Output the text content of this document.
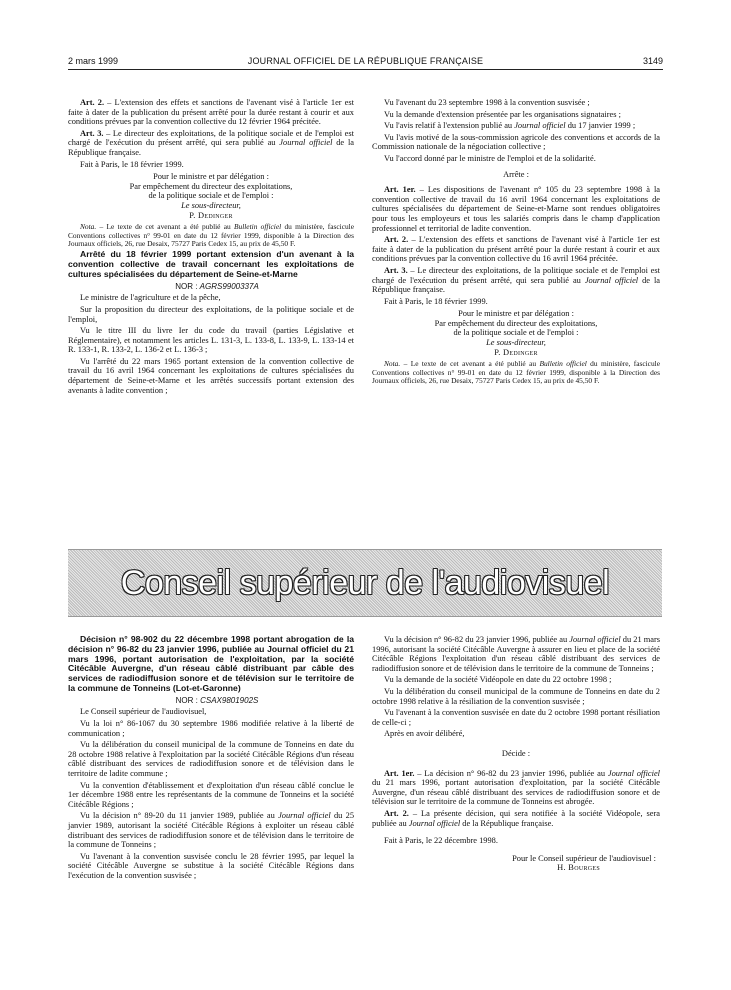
2 mars 1999	JOURNAL OFFICIEL DE LA RÉPUBLIQUE FRANÇAISE	3149

Art. 2. – L'extension des effets et sanctions de l'avenant visé à l'article 1er est faite à dater de la publication du présent arrêté pour la durée restant à courir et aux conditions prévues par la convention collective du 12 février 1964 précitée.

Art. 3. – Le directeur des exploitations, de la politique sociale et de l'emploi est chargé de l'exécution du présent arrêté, qui sera publié au Journal officiel de la République française.

Fait à Paris, le 18 février 1999.

Pour le ministre et par délégation :
Par empêchement du directeur des exploitations,
de la politique sociale et de l'emploi :
Le sous-directeur,
P. Dedinger

Nota. – Le texte de cet avenant a été publié au Bulletin officiel du ministère, fascicule Conventions collectives n° 99-01 en date du 12 février 1999, disponible à la Direction des Journaux officiels, 26, rue Desaix, 75727 Paris Cedex 15, au prix de 45,50 F.

Arrêté du 18 février 1999 portant extension d'un avenant à la convention collective de travail concernant les exploitations de cultures spécialisées du département de Seine-et-Marne

NOR : AGRS9900337A

Le ministre de l'agriculture et de la pêche,

Sur la proposition du directeur des exploitations, de la politique sociale et de l'emploi,

Vu le titre III du livre Ier du code du travail (parties Législative et Réglementaire), et notamment les articles L. 131-3, L. 133-8, L. 133-9, L. 133-14 et R. 133-1, R. 133-2, L. 136-2 et L. 136-3 ;

Vu l'arrêté du 22 mars 1965 portant extension de la convention collective de travail du 16 avril 1964 concernant les exploitations de cultures spécialisées du département de Seine-et-Marne et les arrêtés successifs portant extension des avenants à ladite convention ;

Vu l'avenant du 23 septembre 1998 à la convention susvisée ;

Vu la demande d'extension présentée par les organisations signataires ;

Vu l'avis relatif à l'extension publié au Journal officiel du 17 janvier 1999 ;

Vu l'avis motivé de la sous-commission agricole des conventions et accords de la Commission nationale de la négociation collective ;

Vu l'accord donné par le ministre de l'emploi et de la solidarité.

Arrête :

Art. 1er. – Les dispositions de l'avenant n° 105 du 23 septembre 1998 à la convention collective de travail du 16 avril 1964 concernant les exploitations de cultures spécialisées du département de Seine-et-Marne sont rendues obligatoires pour tous les employeurs et tous les salariés compris dans le champ d'application professionnel et territorial de ladite convention.

Art. 2. – L'extension des effets et sanctions de l'avenant visé à l'article 1er est faite à dater de la publication du présent arrêté pour la durée restant à courir et aux conditions prévues par la convention collective du 16 avril 1964 précitée.

Art. 3. – Le directeur des exploitations, de la politique sociale et de l'emploi est chargé de l'exécution du présent arrêté, qui sera publié au Journal officiel de la République française.

Fait à Paris, le 18 février 1999.

Pour le ministre et par délégation :
Par empêchement du directeur des exploitations,
de la politique sociale et de l'emploi :
Le sous-directeur,
P. Dedinger

Nota. – Le texte de cet avenant a été publié au Bulletin officiel du ministère, fascicule Conventions collectives n° 99-01 en date du 12 février 1999, disponible à la Direction des Journaux officiels, 26, rue Desaix, 75727 Paris Cedex 15, au prix de 45,50 F.

Conseil supérieur de l'audiovisuel

Décision n° 98-902 du 22 décembre 1998 portant abrogation de la décision n° 96-82 du 23 janvier 1996, publiée au Journal officiel du 21 mars 1996, portant autorisation de l'exploitation, par la société Citécâble Auvergne, d'un réseau câblé distribuant par câble des services de radiodiffusion sonore et de télévision sur le territoire de la commune de Tonneins (Lot-et-Garonne)

NOR : CSAX9801902S

Le Conseil supérieur de l'audiovisuel,

Vu la loi n° 86-1067 du 30 septembre 1986 modifiée relative à la liberté de communication ;

Vu la délibération du conseil municipal de la commune de Tonneins en date du 28 octobre 1988 relative à l'exploitation par la société Citécâble Régions d'un réseau câblé distribuant des services de radiodiffusion sonore et de télévision dans le territoire de ladite commune ;

Vu la convention d'établissement et d'exploitation d'un réseau câblé conclue le 1er décembre 1988 entre les représentants de la commune de Tonneins et la société Citécâble Régions ;

Vu la décision n° 89-20 du 11 janvier 1989, publiée au Journal officiel du 25 janvier 1989, autorisant la société Citécâble Régions à exploiter un réseau câblé distribuant des services de radiodiffusion sonore et de télévision dans le territoire de la commune de Tonneins ;

Vu l'avenant à la convention susvisée conclu le 28 février 1995, par lequel la société Citécâble Auvergne se substitue à la société Citécâble Régions dans l'exécution de la convention susvisée ;

Vu la décision n° 96-82 du 23 janvier 1996, publiée au Journal officiel du 21 mars 1996, autorisant la société Citécâble Auvergne à assurer en lieu et place de la société Citécâble Régions l'exploitation d'un réseau câblé distribuant des services de radiodiffusion sonore et de télévision dans le territoire de la commune de Tonneins ;

Vu la demande de la société Vidéopole en date du 22 octobre 1998 ;

Vu la délibération du conseil municipal de la commune de Tonneins en date du 2 octobre 1998 relative à la résiliation de la convention susvisée ;

Vu l'avenant à la convention susvisée en date du 2 octobre 1998 portant résiliation de celle-ci ;

Après en avoir délibéré,

Décide :

Art. 1er. – La décision n° 96-82 du 23 janvier 1996, publiée au Journal officiel du 21 mars 1996, portant autorisation d'exploitation, par la société Citécâble Auvergne, d'un réseau câblé distribuant des services de radiodiffusion sonore et de télévision sur le territoire de la commune de Tonneins est abrogée.

Art. 2. – La présente décision, qui sera notifiée à la société Vidéopole, sera publiée au Journal officiel de la République française.

Fait à Paris, le 22 décembre 1998.

Pour le Conseil supérieur de l'audiovisuel :
H. Bourges
